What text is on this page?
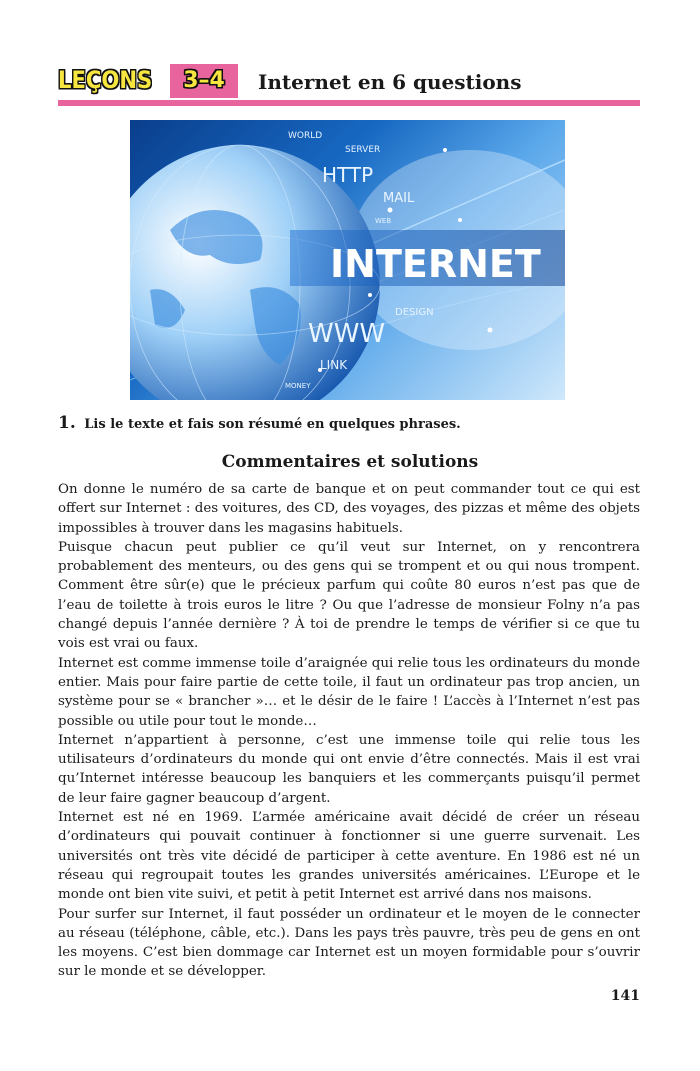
LEÇONS	3–4	Internet en 6 questions
WORLD
SERVER
HTTP
MAIL
WEB
INTERNET
DESIGN
WWW
LINK
MONEY
1. Lis le texte et fais son résumé en quelques phrases.
Commentaires et solutions

On donne le numéro de sa carte de banque et on peut commander tout ce qui est offert sur Internet : des voitures, des CD, des voyages, des pizzas et même des objets impossibles à trouver dans les magasins habituels.

Puisque chacun peut publier ce qu’il veut sur Internet, on y rencontrera probablement des menteurs, ou des gens qui se trompent et ou qui nous trompent. Comment être sûr(e) que le précieux parfum qui coûte 80 euros n’est pas que de l’eau de toilette à trois euros le litre ? Ou que l’adresse de monsieur Folny n’a pas changé depuis l’année dernière ? À toi de prendre le temps de vérifier si ce que tu vois est vrai ou faux.

Internet est comme immense toile d’araignée qui relie tous les ordinateurs du monde entier. Mais pour faire partie de cette toile, il faut un ordinateur pas trop ancien, un système pour se « brancher »… et le désir de le faire ! L’accès à l’Internet n’est pas possible ou utile pour tout le monde…

Internet n’appartient à personne, c’est une immense toile qui relie tous les utilisateurs d’ordinateurs du monde qui ont envie d’être connectés. Mais il est vrai qu’Internet intéresse beaucoup les banquiers et les commerçants puisqu’il permet de leur faire gagner beaucoup d’argent.

Internet est né en 1969. L’armée américaine avait décidé de créer un réseau d’ordinateurs qui pouvait continuer à fonctionner si une guerre survenait. Les universités ont très vite décidé de participer à cette aventure. En 1986 est né un réseau qui regroupait toutes les grandes universités américaines. L’Europe et le monde ont bien vite suivi, et petit à petit Internet est arrivé dans nos maisons.

Pour surfer sur Internet, il faut posséder un ordinateur et le moyen de le connecter au réseau (téléphone, câble, etc.). Dans les pays très pauvre, très peu de gens en ont les moyens. C’est bien dommage car Internet est un moyen formidable pour s’ouvrir sur le monde et se développer.

141
